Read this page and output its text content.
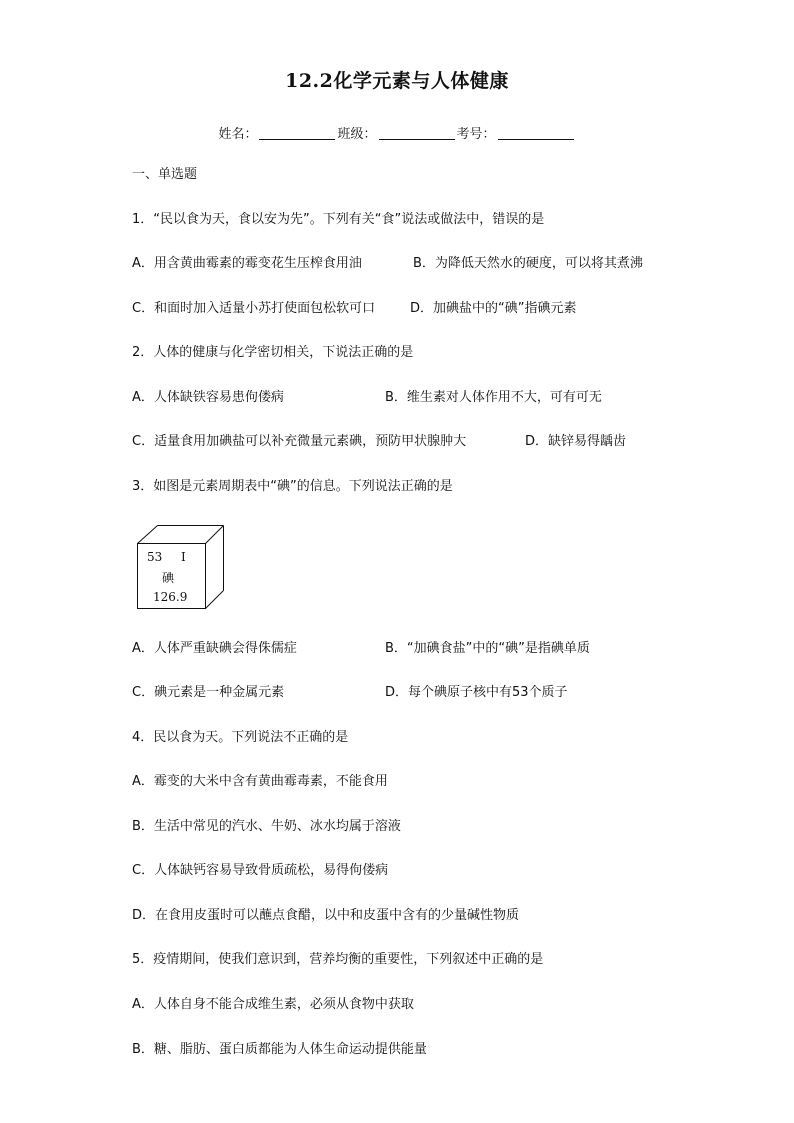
12.2化学元素与人体健康
姓名：	班级：	考号：
一、单选题
1．“民以食为天，食以安为先”。下列有关“食”说法或做法中，错误的是
A．用含黄曲霉素的霉变花生压榨食用油	B．为降低天然水的硬度，可以将其煮沸
C．和面时加入适量小苏打使面包松软可口	D．加碘盐中的“碘”指碘元素
2．人体的健康与化学密切相关，下说法正确的是
A．人体缺铁容易患佝偻病	B．维生素对人体作用不大，可有可无
C．适量食用加碘盐可以补充微量元素碘，预防甲状腺肿大	D．缺锌易得龋齿
3．如图是元素周期表中“碘”的信息。下列说法正确的是
53 I
碘
126.9
A．人体严重缺碘会得侏儒症	B．“加碘食盐”中的“碘”是指碘单质
C．碘元素是一种金属元素	D．每个碘原子核中有53个质子
4．民以食为天。下列说法不正确的是
A．霉变的大米中含有黄曲霉毒素，不能食用
B．生活中常见的汽水、牛奶、冰水均属于溶液
C．人体缺钙容易导致骨质疏松，易得佝偻病
D．在食用皮蛋时可以蘸点食醋，以中和皮蛋中含有的少量碱性物质
5．疫情期间，使我们意识到，营养均衡的重要性，下列叙述中正确的是
A．人体自身不能合成维生素，必须从食物中获取
B．糖、脂肪、蛋白质都能为人体生命运动提供能量
